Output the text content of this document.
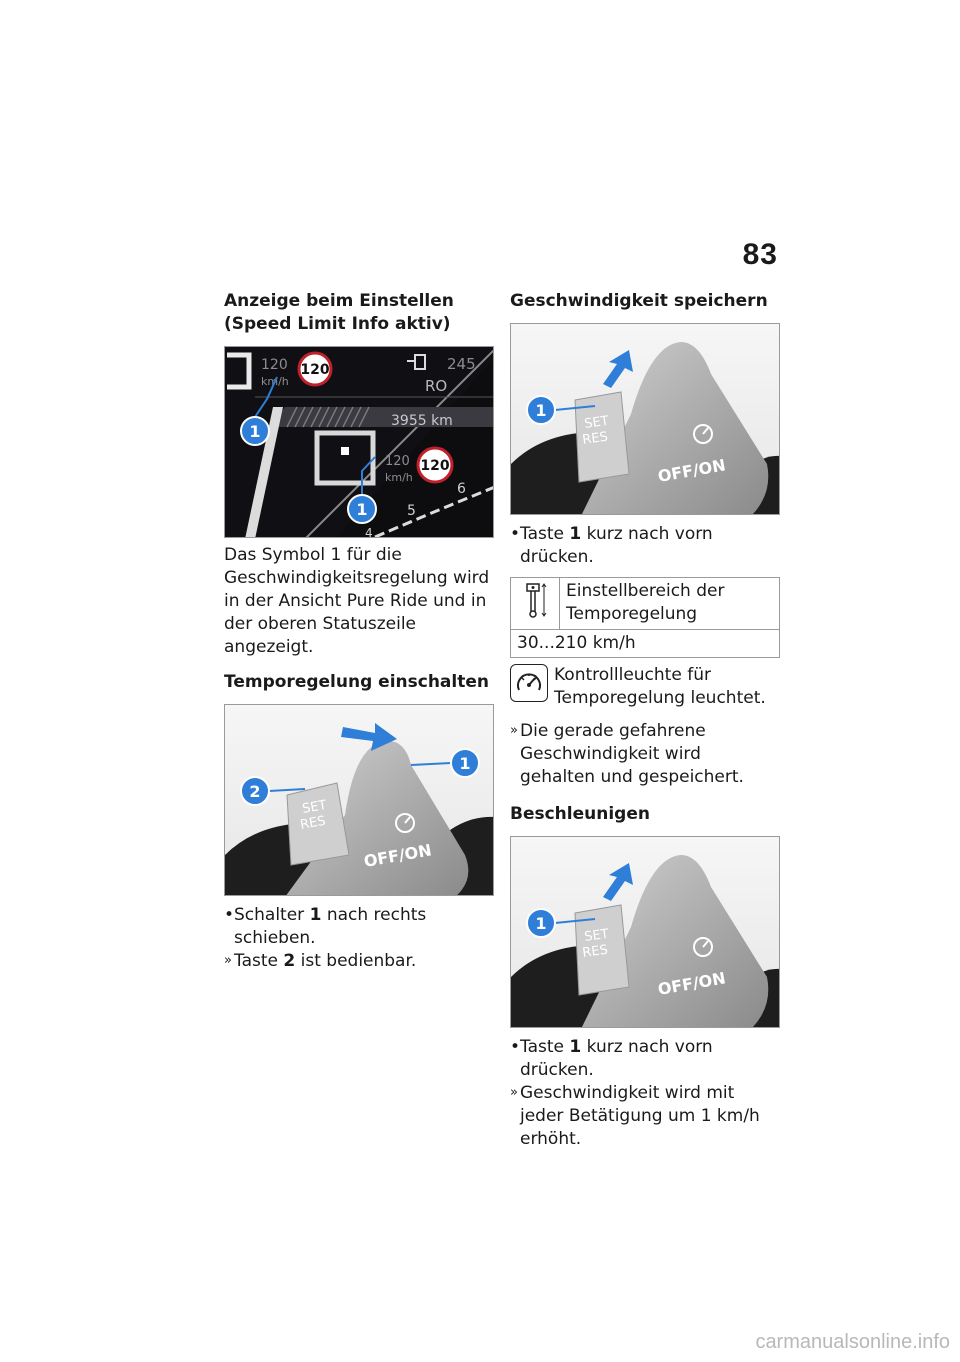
83
Anzeige beim Einstellen (Speed Limit Info aktiv)
120
km/h
120	245
RO
3955 km
120
km/h
120
5
6
4
1
1

Das Symbol 1 für die Geschwindigkeitsregelung wird in der Ansicht Pure Ride und in der oberen Statuszeile angezeigt.

Temporegelung einschalten
SET
RES
OFF/ON
1
2
• Schalter 1 nach rechts schieben.
» Taste 2 ist bedienbar.
Geschwindigkeit speichern
SET
RES
OFF/ON
1
• Taste 1 kurz nach vorn drücken.
	Einstellbereich der Temporegelung
30...210 km/h
Kontrollleuchte für Temporegelung leuchtet.
» Die gerade gefahrene Geschwindigkeit wird gehalten und gespeichert.
Beschleunigen
SET
RES
OFF/ON
1
• Taste 1 kurz nach vorn drücken.
» Geschwindigkeit wird mit jeder Betätigung um 1 km/h erhöht.
carmanualsonline.info
